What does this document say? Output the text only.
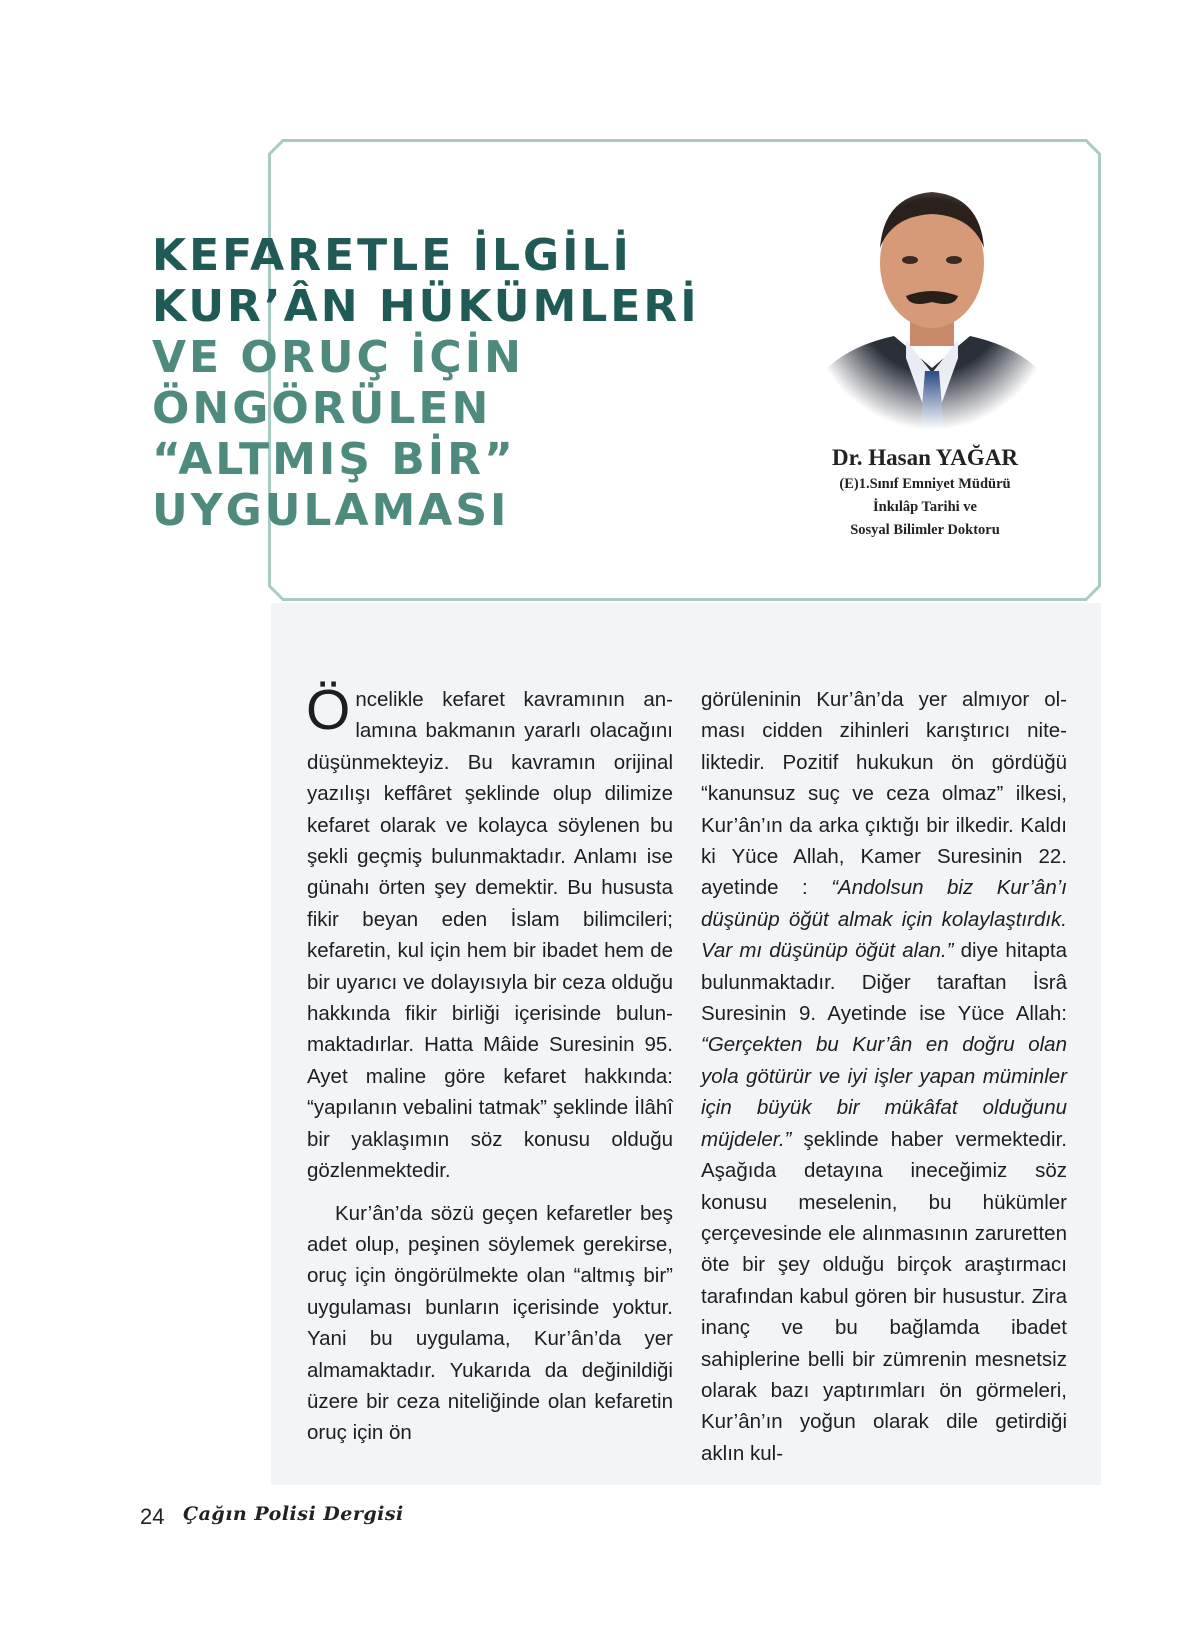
KEFARETLE İLGİLİ
KUR’ÂN HÜKÜMLERİ
VE ORUÇ İÇİN
ÖNGÖRÜLEN
“ALTMIŞ BİR”
UYGULAMASI
Dr. Hasan YAĞAR
(E)1.Sınıf Emniyet Müdürü
İnkılâp Tarihi ve
Sosyal Bilimler Doktoru

Öncelikle kefaret kavramının anlamına bakmanın yararlı olacağını düşünmekteyiz. Bu kavramın orijinal yazılışı keffâret şeklinde olup dilimize kefaret olarak ve kolayca söylenen bu şekli geçmiş bulunmaktadır. Anlamı ise günahı örten şey demektir. Bu hususta fikir beyan eden İslam bilimcileri; kefaretin, kul için hem bir ibadet hem de bir uyarıcı ve dolayısıyla bir ceza olduğu hakkında fikir birliği içerisinde bulunmaktadırlar. Hatta Mâide Suresinin 95. Ayet maline göre kefaret hakkında: “yapılanın vebalini tatmak” şeklinde İlâhî bir yaklaşımın söz konusu olduğu gözlenmektedir.

Kur’ân’da sözü geçen kefaretler beş adet olup, peşinen söylemek gerekirse, oruç için öngörülmekte olan “altmış bir” uygulaması bunların içerisinde yoktur. Yani bu uygulama, Kur’ân’da yer almamaktadır. Yukarıda da değinildiği üzere bir ceza niteliğinde olan kefaretin oruç için ön

görüleninin Kur’ân’da yer almıyor olması cidden zihinleri karıştırıcı niteliktedir. Pozitif hukukun ön gördüğü “kanunsuz suç ve ceza olmaz” ilkesi, Kur’ân’ın da arka çıktığı bir ilkedir. Kaldı ki Yüce Allah, Kamer Suresinin 22. ayetinde : “Andolsun biz Kur’ân’ı düşünüp öğüt almak için kolaylaştırdık. Var mı düşünüp öğüt alan.” diye hitapta bulunmaktadır. Diğer taraftan İsrâ Suresinin 9. Ayetinde ise Yüce Allah: “Gerçekten bu Kur’ân en doğru olan yola götürür ve iyi işler yapan müminler için büyük bir mükâfat olduğunu müjdeler.” şeklinde haber vermektedir. Aşağıda detayına ineceğimiz söz konusu meselenin, bu hükümler çerçevesinde ele alınmasının zaruretten öte bir şey olduğu birçok araştırmacı tarafından kabul gören bir husustur. Zira inanç ve bu bağlamda ibadet sahiplerine belli bir zümrenin mesnetsiz olarak bazı yaptırımları ön görmeleri, Kur’ân’ın yoğun olarak dile getirdiği aklın kul-

24 Çağın Polisi Dergisi
